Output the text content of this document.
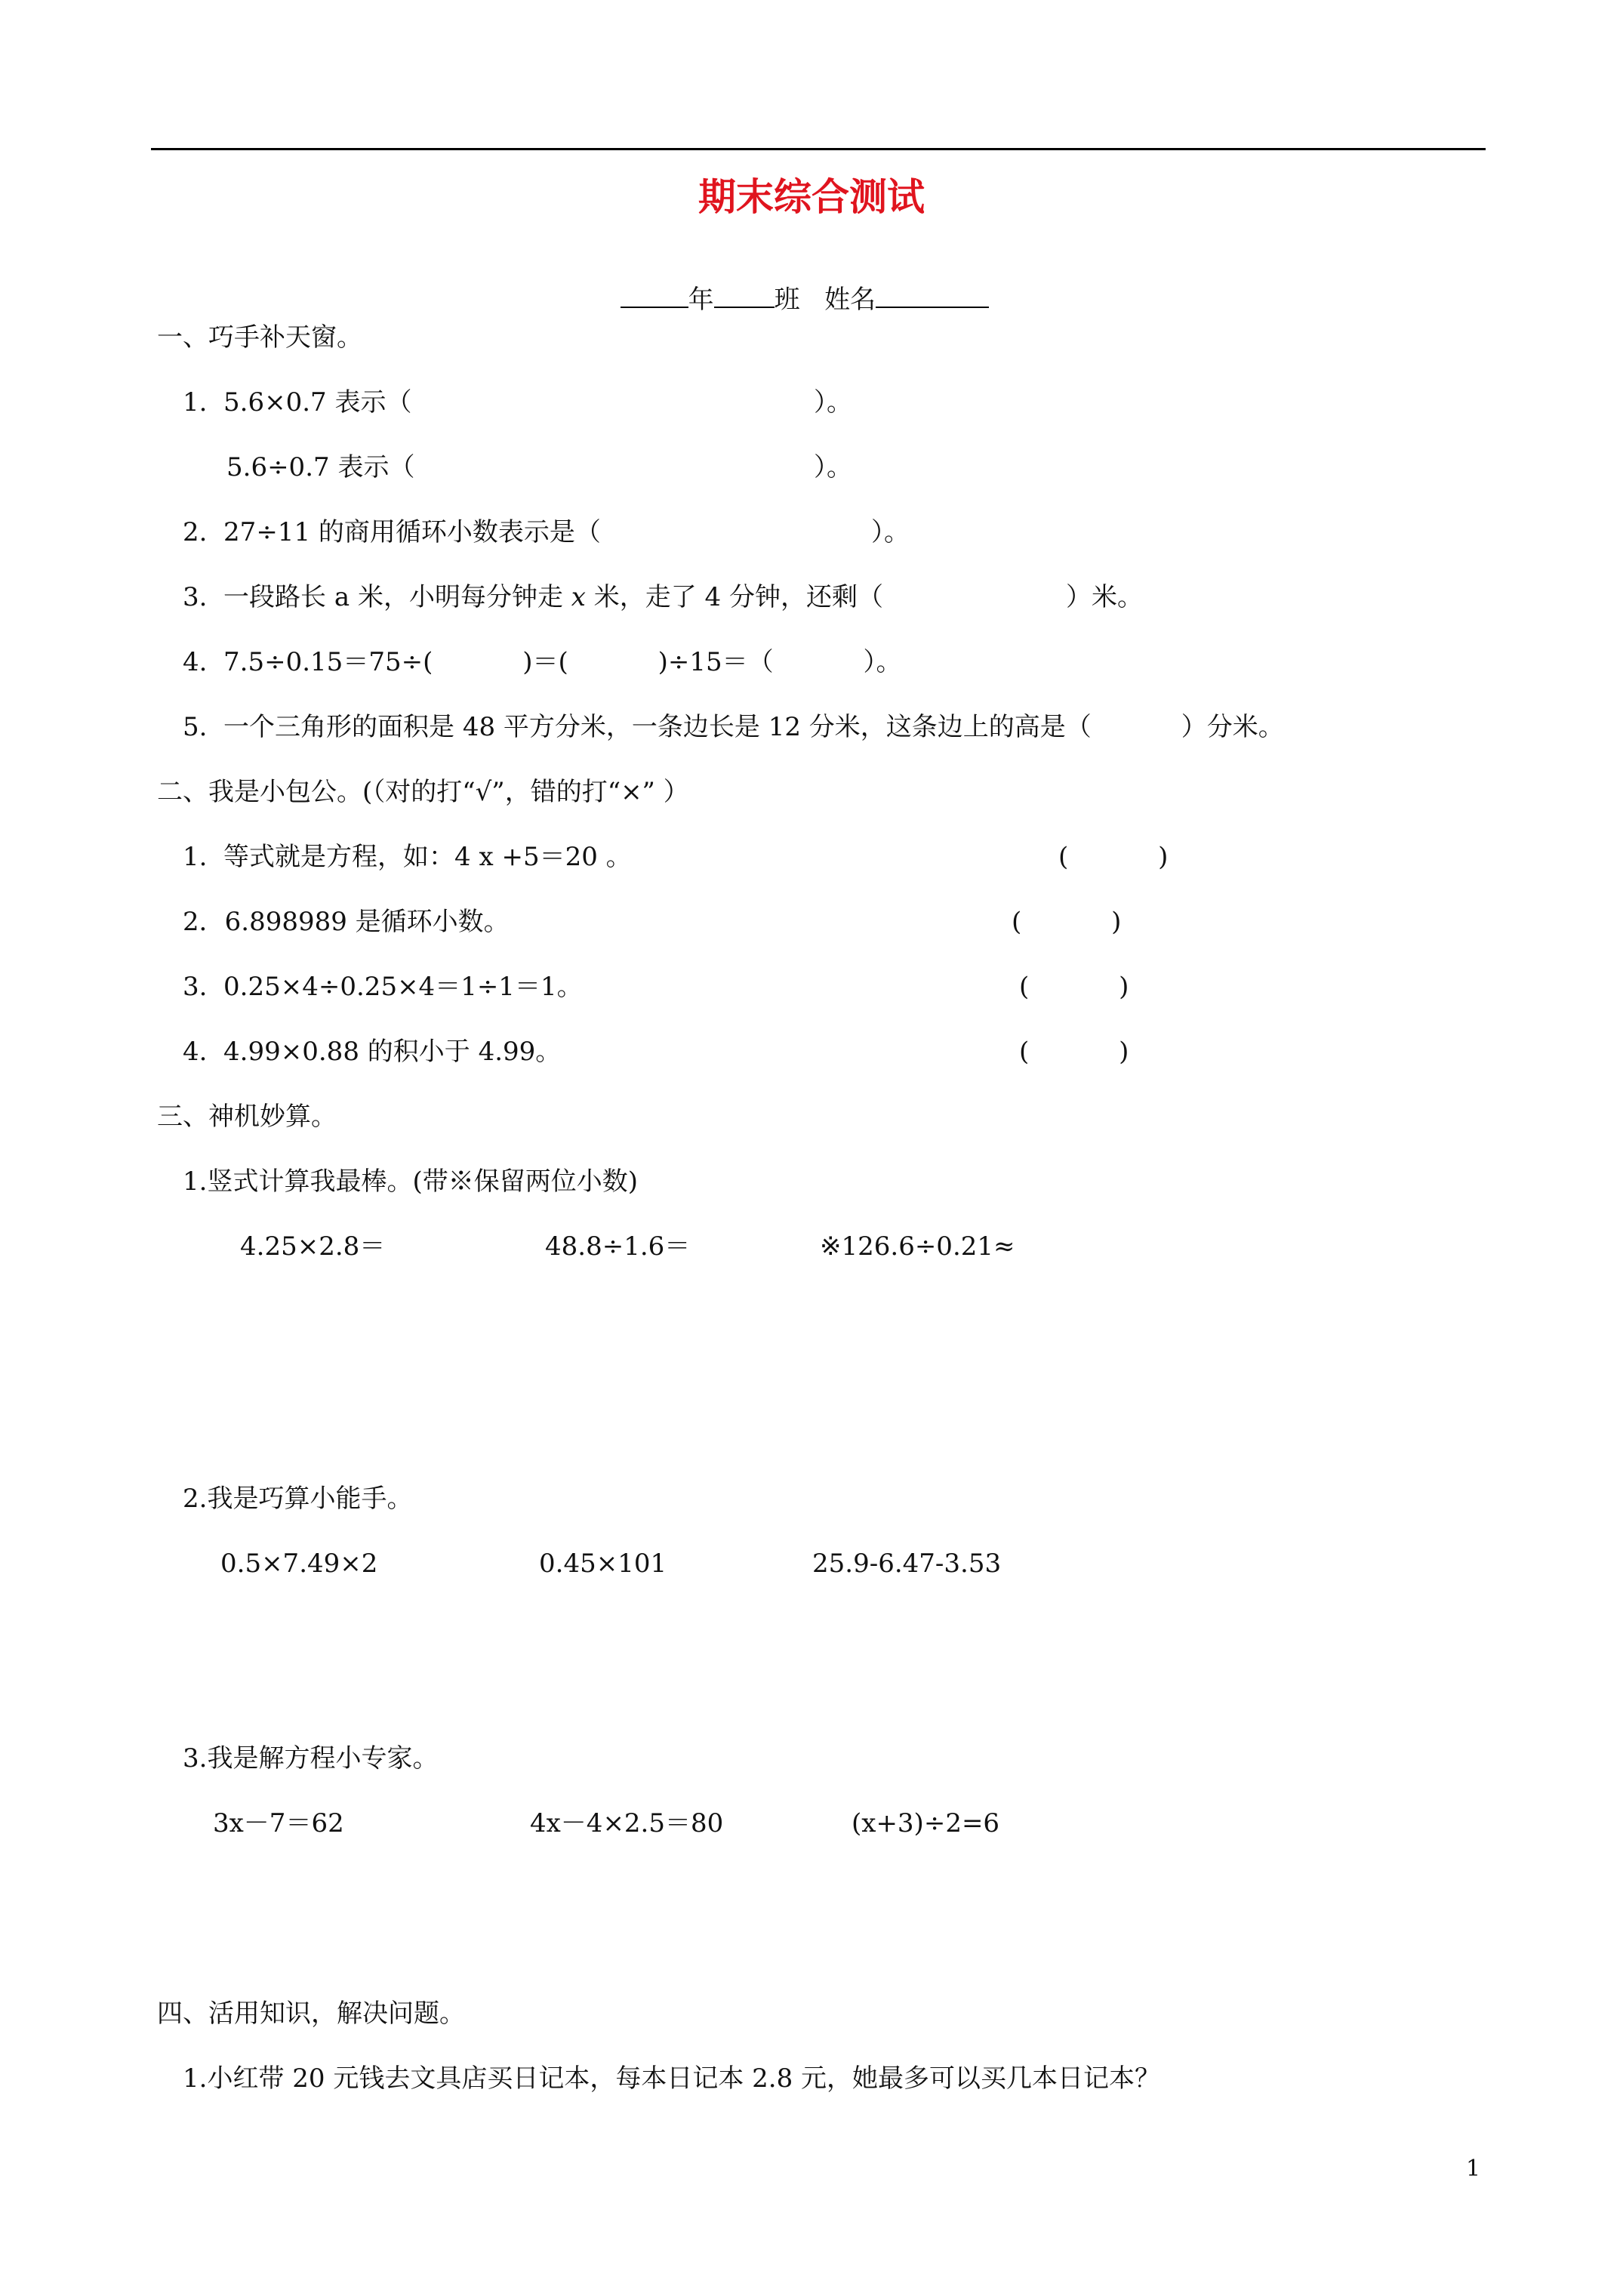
期末综合测试

年 班 姓名

一、巧手补天窗。
1.  5.6×0.7 表示（	）。
5.6÷0.7 表示（	）。
2.  27÷11 的商用循环小数表示是（	）。
3.  一段路长 a 米，小明每分钟走 x 米，走了 4 分钟，还剩（	）米。
4.  7.5÷0.15＝75÷(           )＝(           )÷15＝（           ）。
5.  一个三角形的面积是 48 平方分米，一条边长是 12 分米，这条边上的高是（           ）分米。
二、我是小包公。(（对的打“√”，错的打“×” ）
1.  等式就是方程，如：4 x +5＝20 。	(           )
2．6.898989 是循环小数。	(           )
3.  0.25×4÷0.25×4＝1÷1＝1。	(           )
4.  4.99×0.88 的积小于 4.99。	(           )
三、神机妙算。
1.竖式计算我最棒。(带※保留两位小数)
4.25×2.8＝	48.8÷1.6＝	※126.6÷0.21≈
2.我是巧算小能手。
0.5×7.49×2	0.45×101	25.9-6.47-3.53
3.我是解方程小专家。
3x－7＝62	4x－4×2.5＝80	(x+3)÷2=6
四、活用知识，解决问题。
1.小红带 20 元钱去文具店买日记本，每本日记本 2.8 元，她最多可以买几本日记本？
1
